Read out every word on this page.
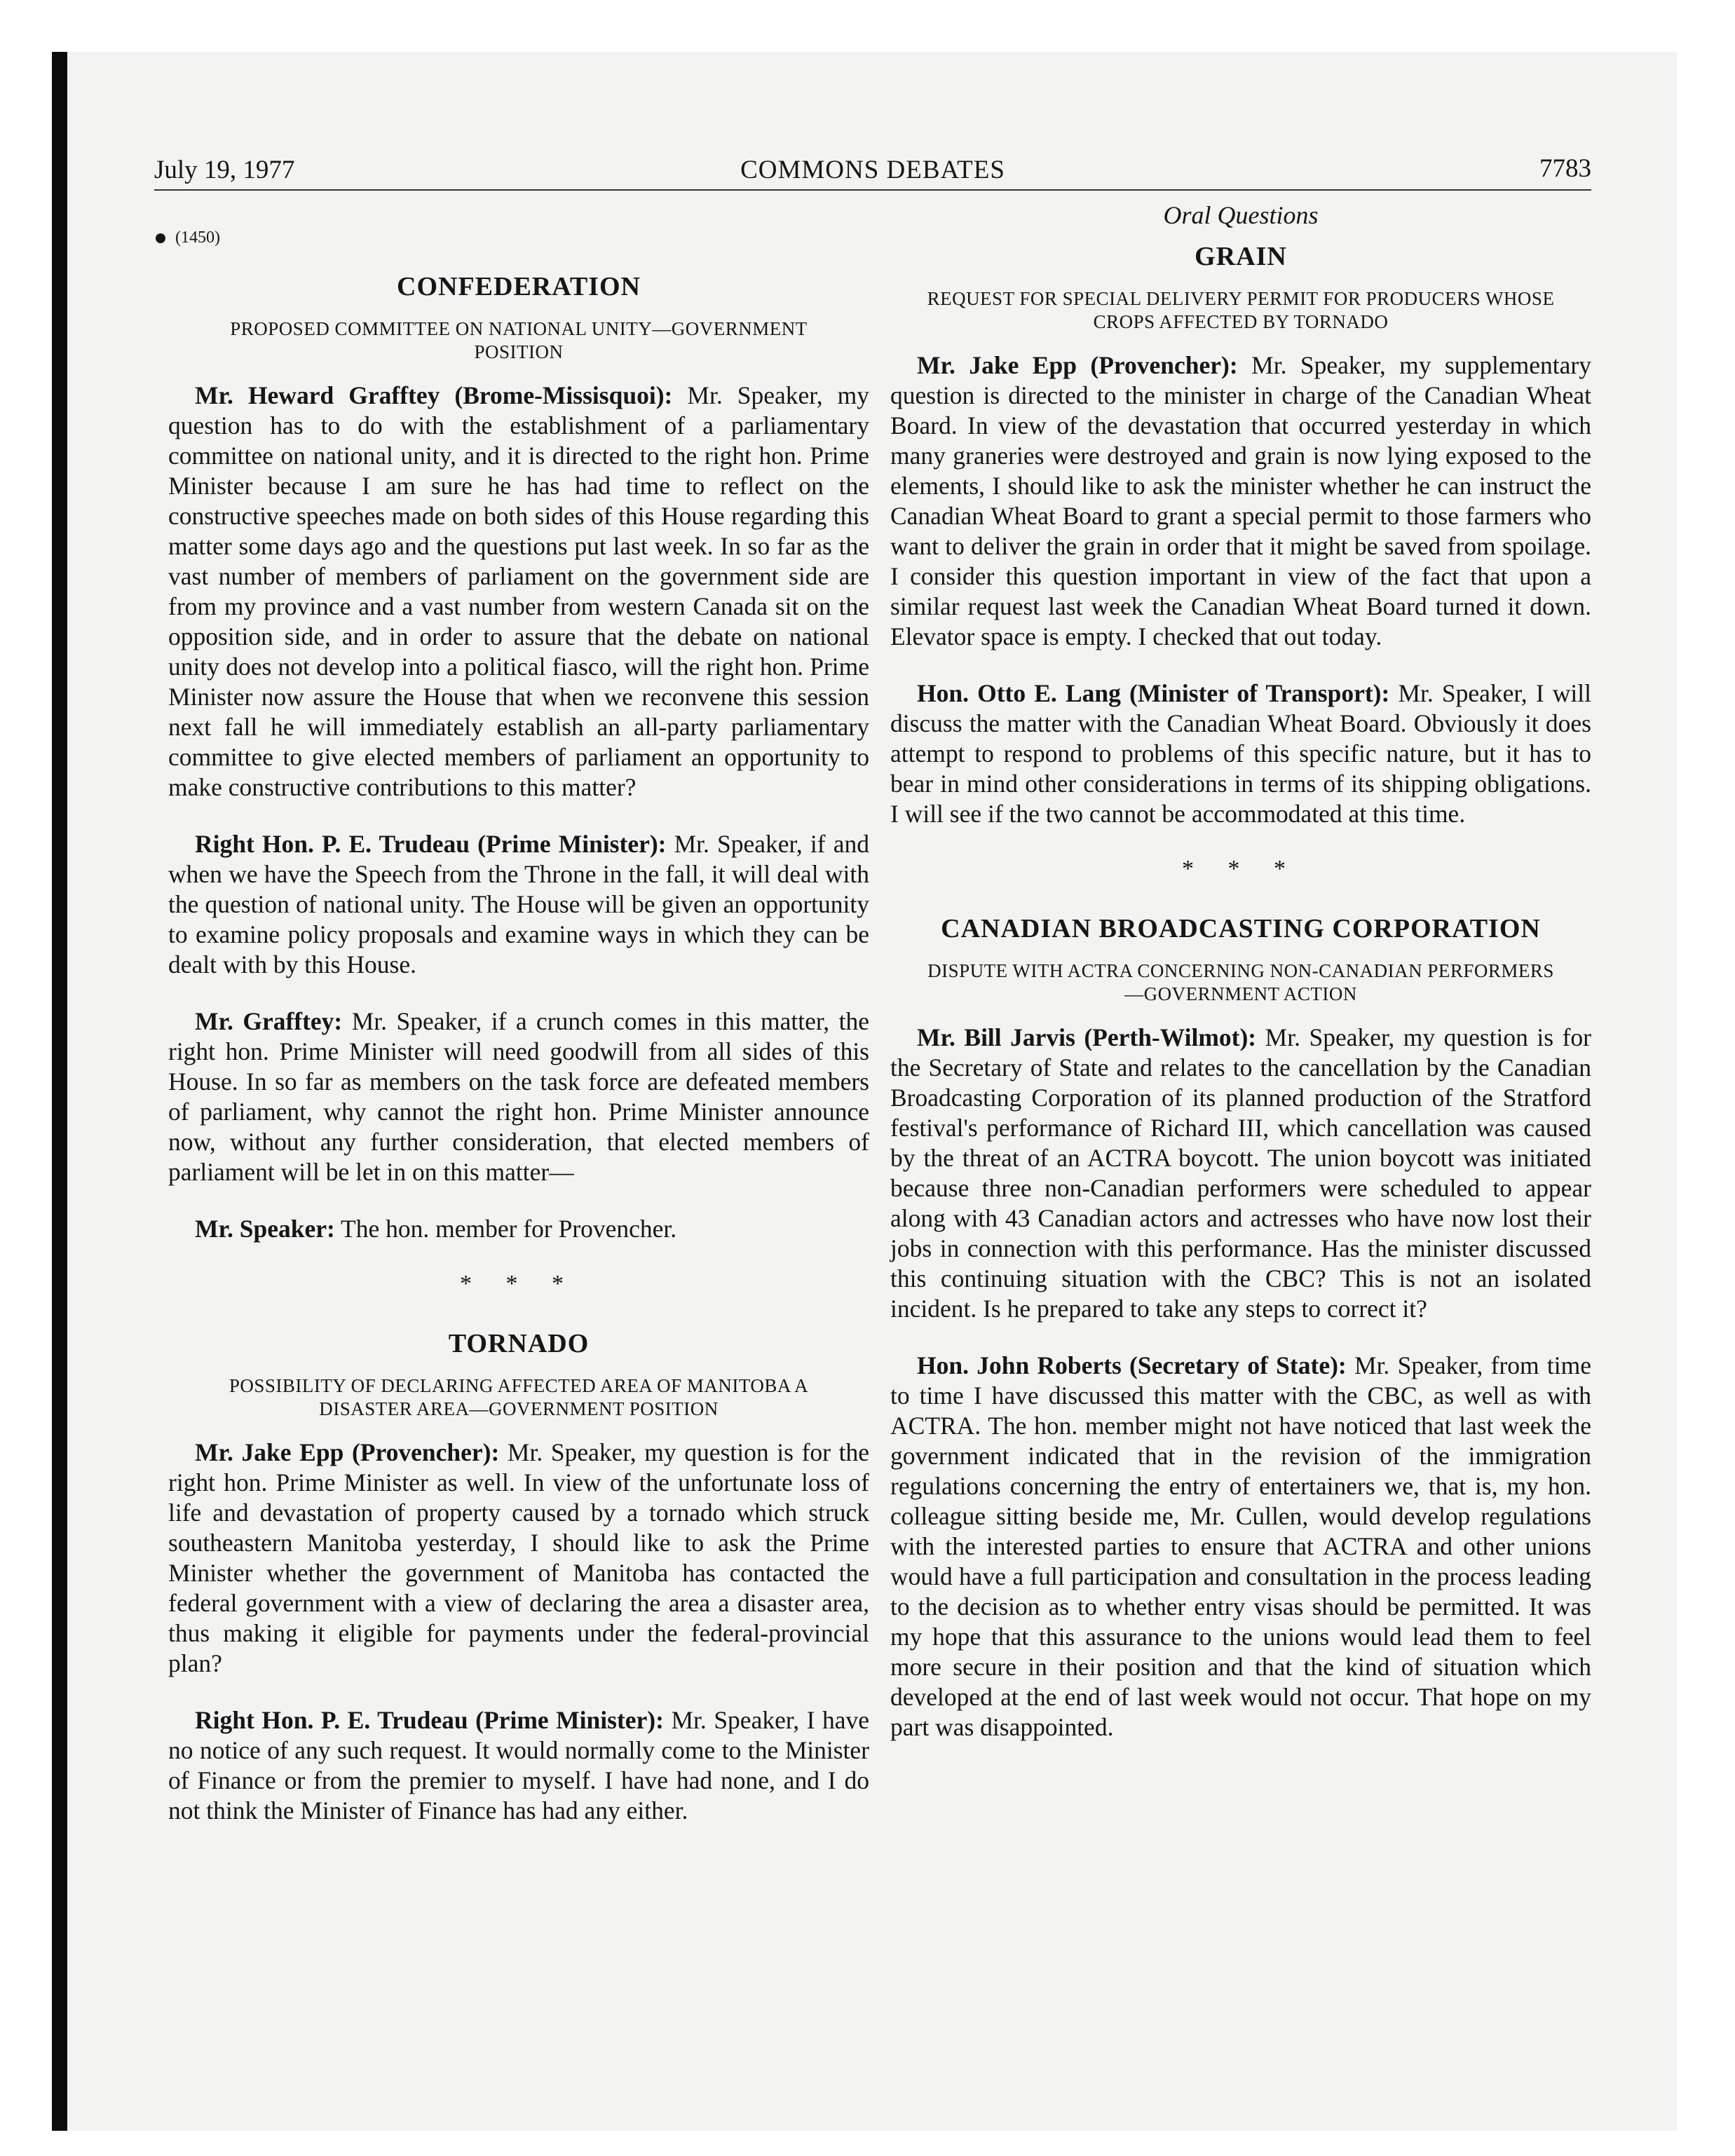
July 19, 1977	COMMONS DEBATES	7783
(1450)
CONFEDERATION
PROPOSED COMMITTEE ON NATIONAL UNITY—GOVERNMENT POSITION

Mr. Heward Grafftey (Brome-Missisquoi): Mr. Speaker, my question has to do with the establishment of a parliamentary committee on national unity, and it is directed to the right hon. Prime Minister because I am sure he has had time to reflect on the constructive speeches made on both sides of this House regarding this matter some days ago and the questions put last week. In so far as the vast number of members of parliament on the government side are from my province and a vast number from western Canada sit on the opposition side, and in order to assure that the debate on national unity does not develop into a political fiasco, will the right hon. Prime Minister now assure the House that when we reconvene this session next fall he will immediately establish an all-party parliamentary committee to give elected members of parliament an opportunity to make constructive contributions to this matter?

Right Hon. P. E. Trudeau (Prime Minister): Mr. Speaker, if and when we have the Speech from the Throne in the fall, it will deal with the question of national unity. The House will be given an opportunity to examine policy proposals and examine ways in which they can be dealt with by this House.

Mr. Grafftey: Mr. Speaker, if a crunch comes in this matter, the right hon. Prime Minister will need goodwill from all sides of this House. In so far as members on the task force are defeated members of parliament, why cannot the right hon. Prime Minister announce now, without any further consideration, that elected members of parliament will be let in on this matter—

Mr. Speaker: The hon. member for Provencher.

* * *
TORNADO
POSSIBILITY OF DECLARING AFFECTED AREA OF MANITOBA A DISASTER AREA—GOVERNMENT POSITION

Mr. Jake Epp (Provencher): Mr. Speaker, my question is for the right hon. Prime Minister as well. In view of the unfortunate loss of life and devastation of property caused by a tornado which struck southeastern Manitoba yesterday, I should like to ask the Prime Minister whether the government of Manitoba has contacted the federal government with a view of declaring the area a disaster area, thus making it eligible for payments under the federal-provincial plan?

Right Hon. P. E. Trudeau (Prime Minister): Mr. Speaker, I have no notice of any such request. It would normally come to the Minister of Finance or from the premier to myself. I have had none, and I do not think the Minister of Finance has had any either.

Oral Questions
GRAIN
REQUEST FOR SPECIAL DELIVERY PERMIT FOR PRODUCERS WHOSE CROPS AFFECTED BY TORNADO

Mr. Jake Epp (Provencher): Mr. Speaker, my supplementary question is directed to the minister in charge of the Canadian Wheat Board. In view of the devastation that occurred yesterday in which many graneries were destroyed and grain is now lying exposed to the elements, I should like to ask the minister whether he can instruct the Canadian Wheat Board to grant a special permit to those farmers who want to deliver the grain in order that it might be saved from spoilage. I consider this question important in view of the fact that upon a similar request last week the Canadian Wheat Board turned it down. Elevator space is empty. I checked that out today.

Hon. Otto E. Lang (Minister of Transport): Mr. Speaker, I will discuss the matter with the Canadian Wheat Board. Obviously it does attempt to respond to problems of this specific nature, but it has to bear in mind other considerations in terms of its shipping obligations. I will see if the two cannot be accommodated at this time.

* * *
CANADIAN BROADCASTING CORPORATION
DISPUTE WITH ACTRA CONCERNING NON-CANADIAN PERFORMERS—GOVERNMENT ACTION

Mr. Bill Jarvis (Perth-Wilmot): Mr. Speaker, my question is for the Secretary of State and relates to the cancellation by the Canadian Broadcasting Corporation of its planned production of the Stratford festival's performance of Richard III, which cancellation was caused by the threat of an ACTRA boycott. The union boycott was initiated because three non-Canadian performers were scheduled to appear along with 43 Canadian actors and actresses who have now lost their jobs in connection with this performance. Has the minister discussed this continuing situation with the CBC? This is not an isolated incident. Is he prepared to take any steps to correct it?

Hon. John Roberts (Secretary of State): Mr. Speaker, from time to time I have discussed this matter with the CBC, as well as with ACTRA. The hon. member might not have noticed that last week the government indicated that in the revision of the immigration regulations concerning the entry of entertainers we, that is, my hon. colleague sitting beside me, Mr. Cullen, would develop regulations with the interested parties to ensure that ACTRA and other unions would have a full participation and consultation in the process leading to the decision as to whether entry visas should be permitted. It was my hope that this assurance to the unions would lead them to feel more secure in their position and that the kind of situation which developed at the end of last week would not occur. That hope on my part was disappointed.
